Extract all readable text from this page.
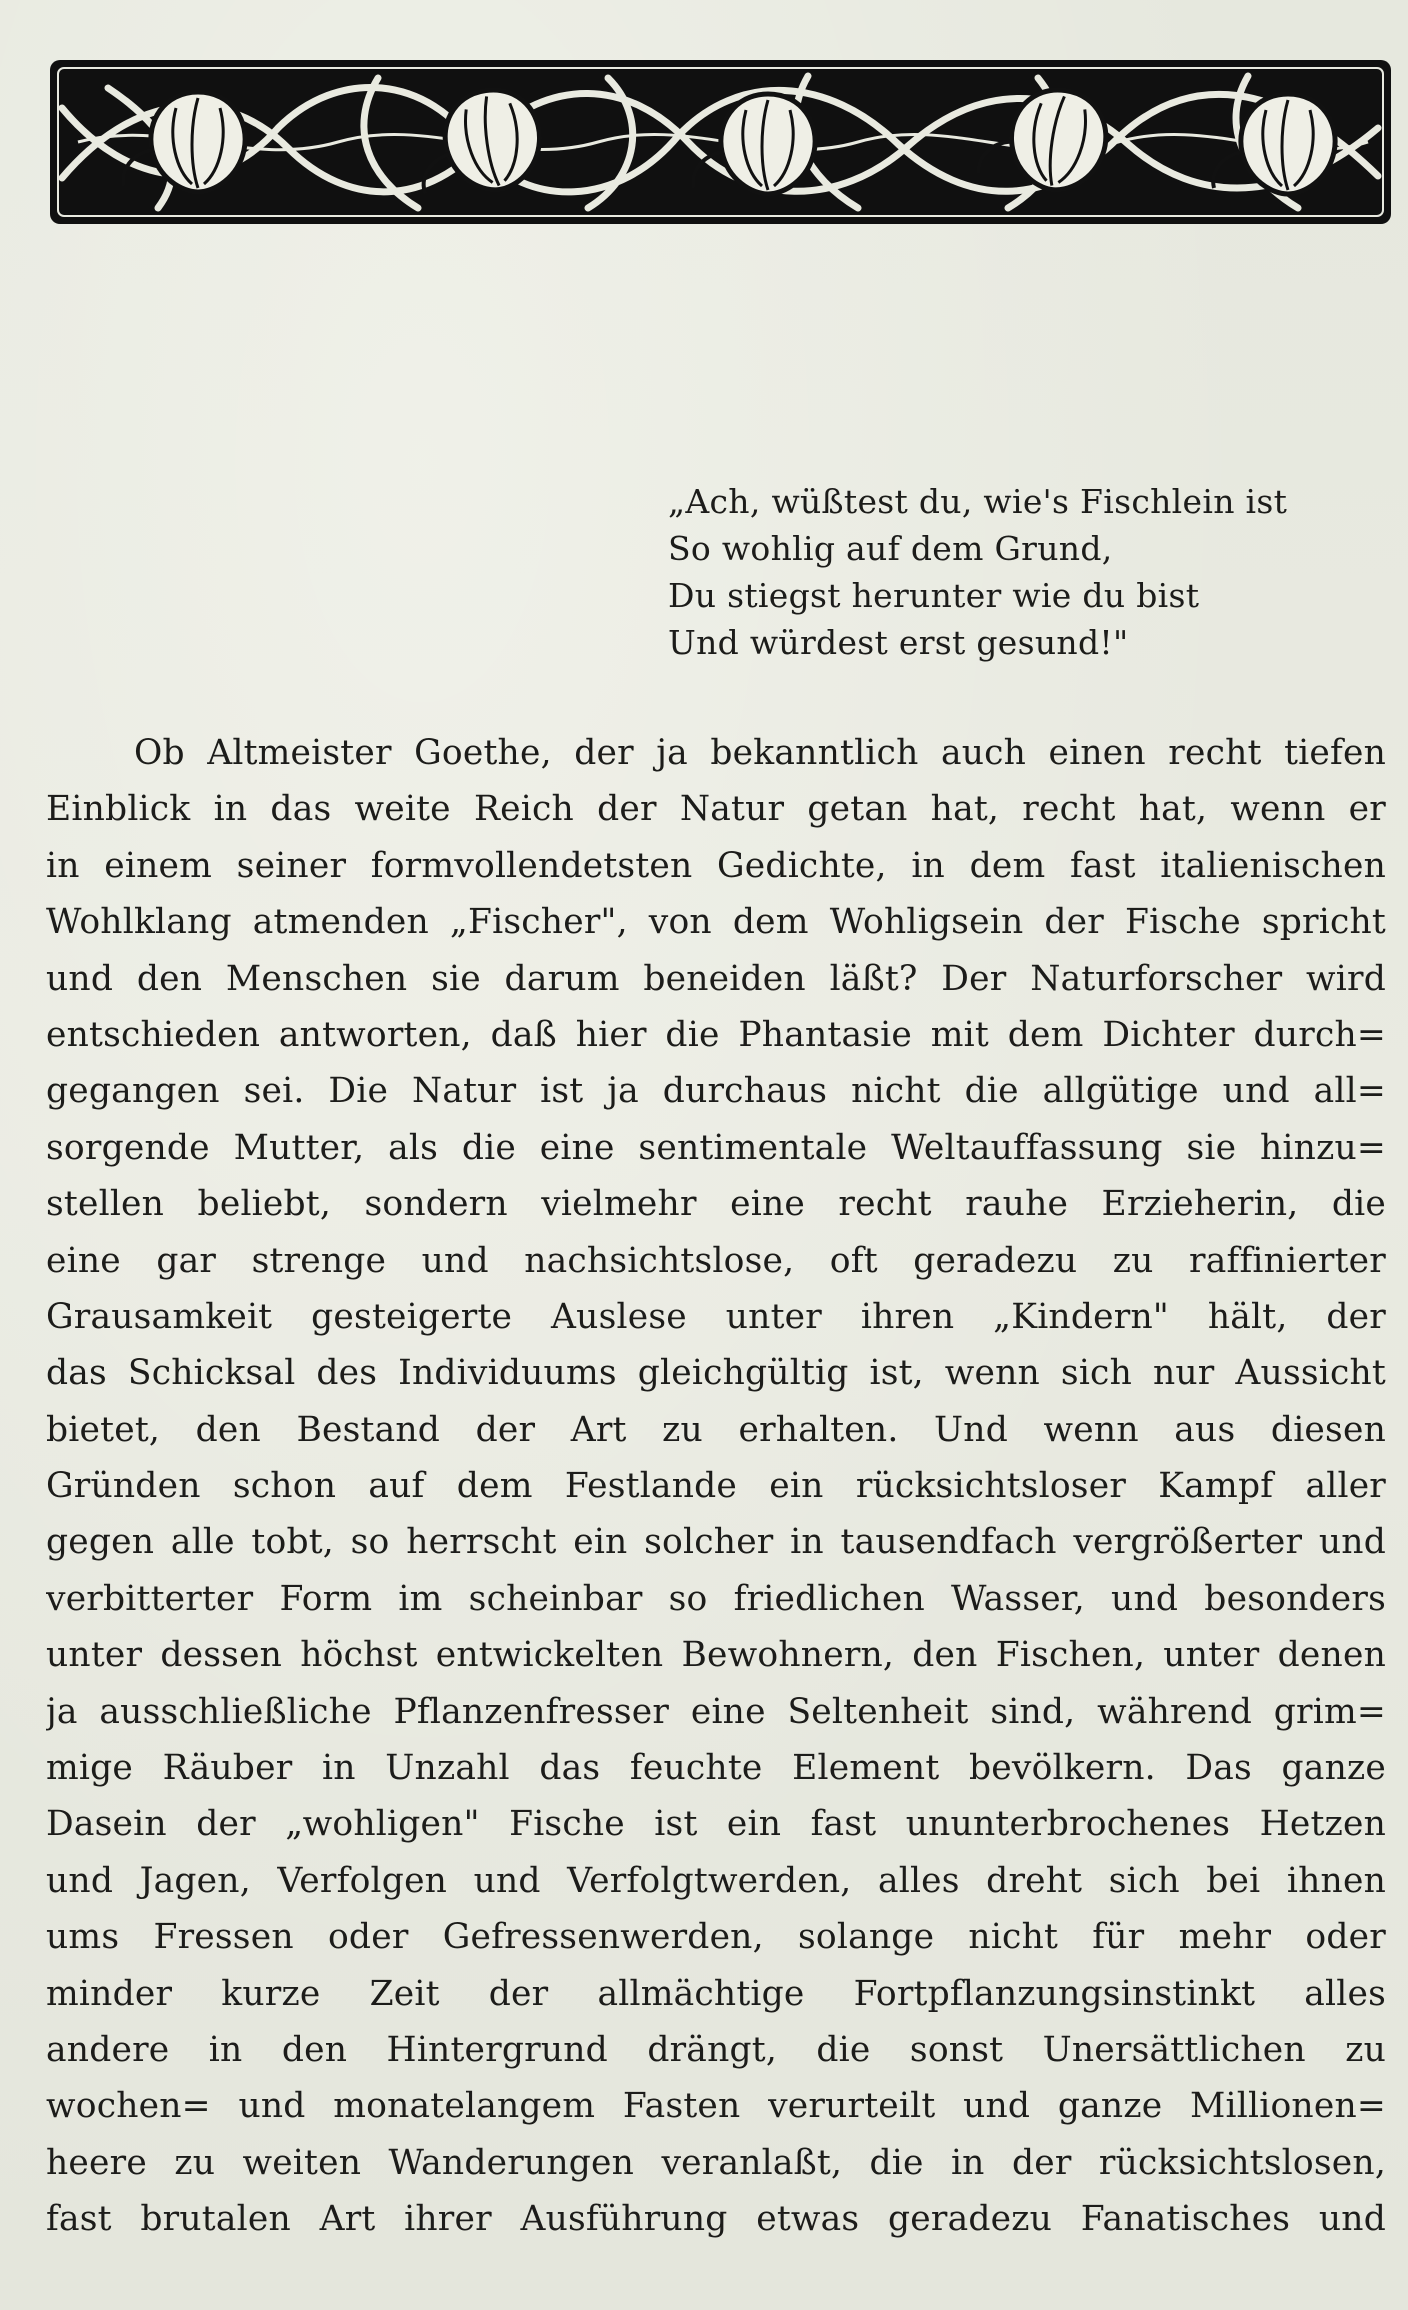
„Ach, wüßtest du, wie's Fischlein ist
So wohlig auf dem Grund,
Du stiegst herunter wie du bist
Und würdest erst gesund!"
Ob Altmeister Goethe, der ja bekanntlich auch einen recht tiefen
Einblick in das weite Reich der Natur getan hat, recht hat, wenn er
in einem seiner formvollendetsten Gedichte, in dem fast italienischen
Wohlklang atmenden „Fischer", von dem Wohligsein der Fische spricht
und den Menschen sie darum beneiden läßt? Der Naturforscher wird
entschieden antworten, daß hier die Phantasie mit dem Dichter durch=
gegangen sei. Die Natur ist ja durchaus nicht die allgütige und all=
sorgende Mutter, als die eine sentimentale Weltauffassung sie hinzu=
stellen beliebt, sondern vielmehr eine recht rauhe Erzieherin, die
eine gar strenge und nachsichtslose, oft geradezu zu raffinierter
Grausamkeit gesteigerte Auslese unter ihren „Kindern" hält, der
das Schicksal des Individuums gleichgültig ist, wenn sich nur Aussicht
bietet, den Bestand der Art zu erhalten. Und wenn aus diesen
Gründen schon auf dem Festlande ein rücksichtsloser Kampf aller
gegen alle tobt, so herrscht ein solcher in tausendfach vergrößerter und
verbitterter Form im scheinbar so friedlichen Wasser, und besonders
unter dessen höchst entwickelten Bewohnern, den Fischen, unter denen
ja ausschließliche Pflanzenfresser eine Seltenheit sind, während grim=
mige Räuber in Unzahl das feuchte Element bevölkern. Das ganze
Dasein der „wohligen" Fische ist ein fast ununterbrochenes Hetzen
und Jagen, Verfolgen und Verfolgtwerden, alles dreht sich bei ihnen
ums Fressen oder Gefressenwerden, solange nicht für mehr oder
minder kurze Zeit der allmächtige Fortpflanzungsinstinkt alles
andere in den Hintergrund drängt, die sonst Unersättlichen zu
wochen= und monatelangem Fasten verurteilt und ganze Millionen=
heere zu weiten Wanderungen veranlaßt, die in der rücksichtslosen,
fast brutalen Art ihrer Ausführung etwas geradezu Fanatisches und
